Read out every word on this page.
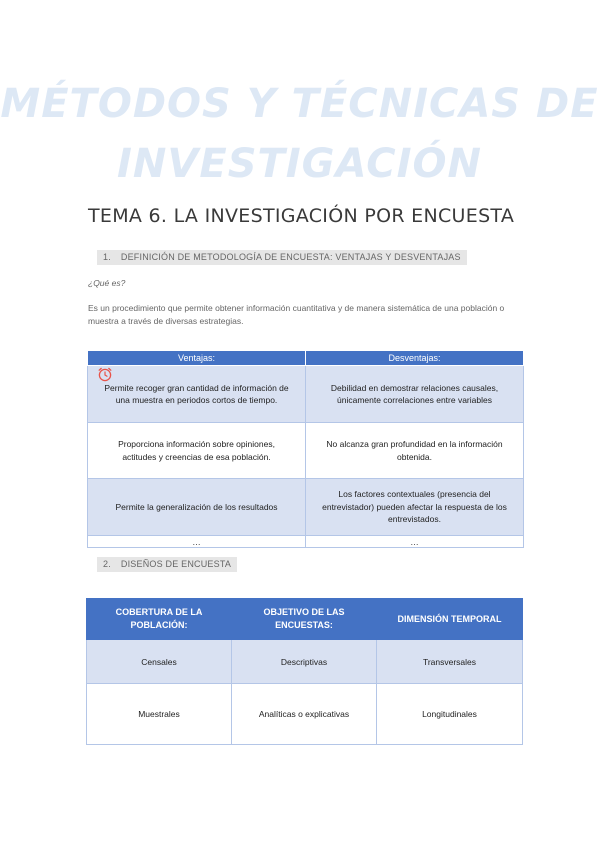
MÉTODOS Y TÉCNICAS DE
INVESTIGACIÓN
TEMA 6. LA INVESTIGACIÓN POR ENCUESTA
1. DEFINICIÓN DE METODOLOGÍA DE ENCUESTA: VENTAJAS Y DESVENTAJAS
¿Qué es?
Es un procedimiento que permite obtener información cuantitativa y de manera sistemática de una población o muestra a través de diversas estrategias.
Ventajas:	Desventajas:
Permite recoger gran cantidad de información de una muestra en periodos cortos de tiempo.	Debilidad en demostrar relaciones causales, únicamente correlaciones entre variables
Proporciona información sobre opiniones, actitudes y creencias de esa población.	No alcanza gran profundidad en la información obtenida.
Permite la generalización de los resultados	Los factores contextuales (presencia del entrevistador) pueden afectar la respuesta de los entrevistados.
…	…
2. DISEÑOS DE ENCUESTA
COBERTURA DE LA POBLACIÓN:	OBJETIVO DE LAS ENCUESTAS:	DIMENSIÓN TEMPORAL
Censales	Descriptivas	Transversales
Muestrales	Analíticas o explicativas	Longitudinales
